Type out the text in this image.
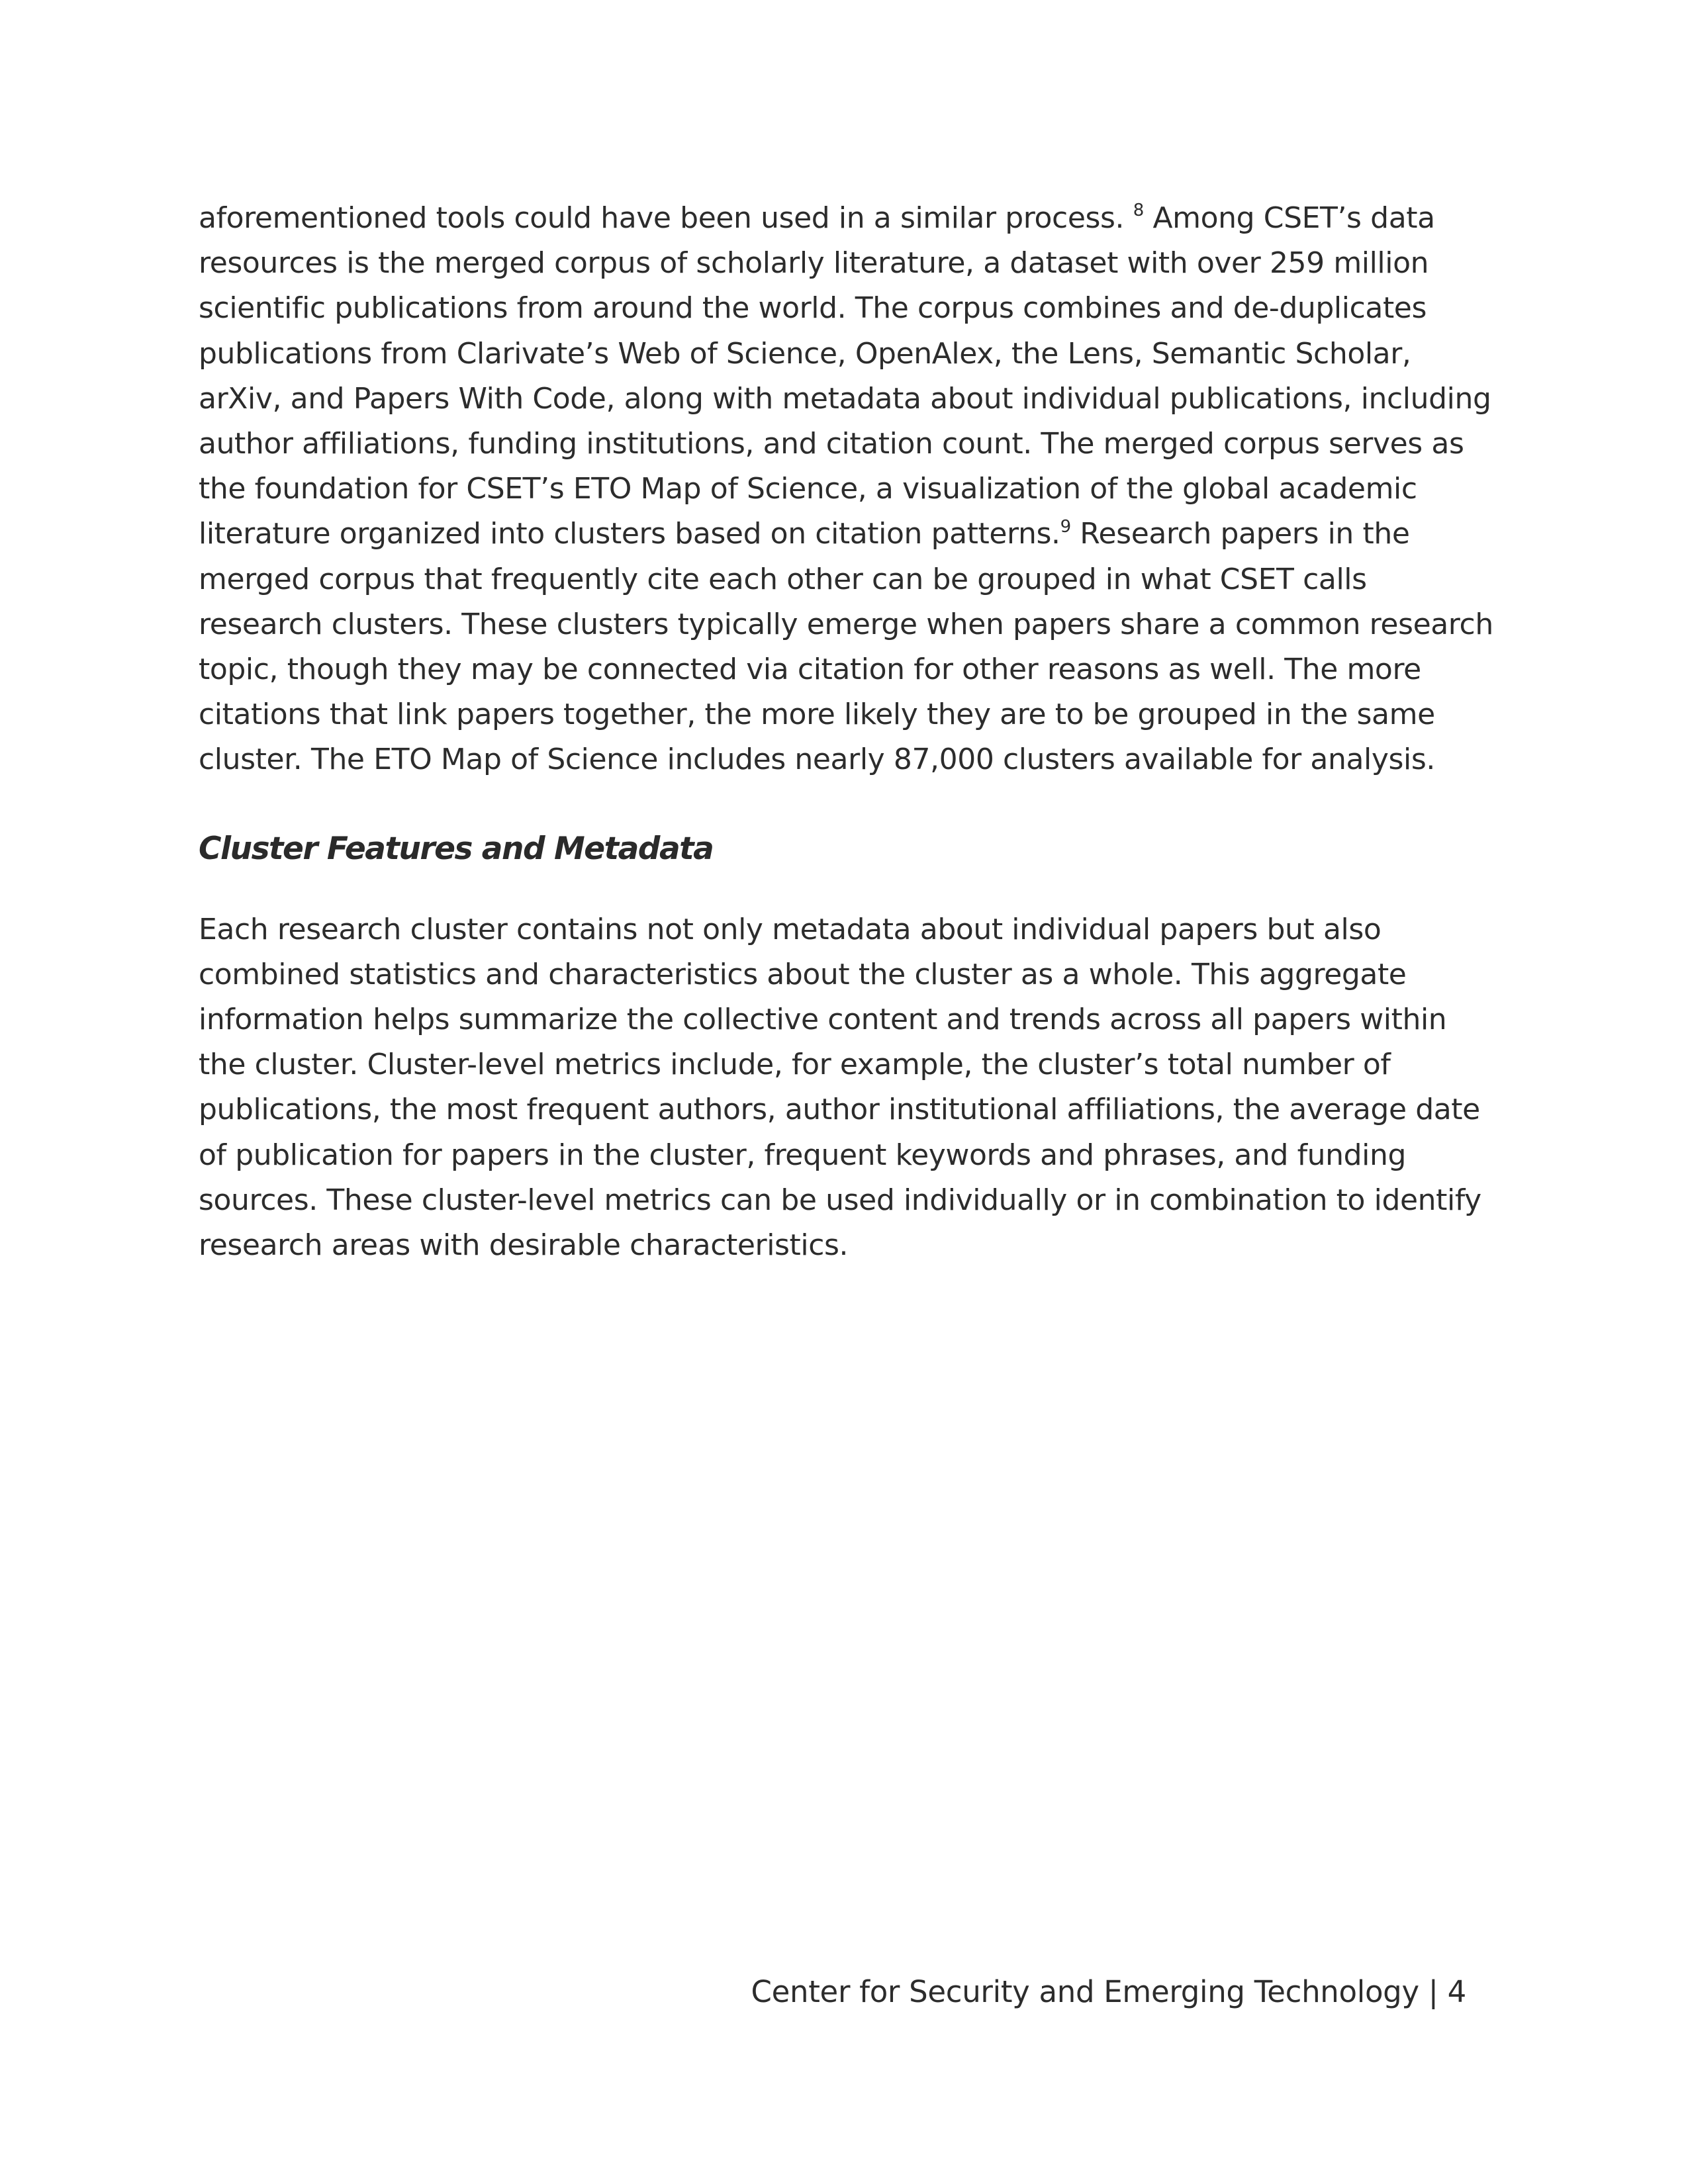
aforementioned tools could have been used in a similar process. $^8$ Among CSET’s data resources is the merged corpus of scholarly literature, a dataset with over 259 million scientific publications from around the world. The corpus combines and de-duplicates publications from Clarivate’s Web of Science, OpenAlex, the Lens, Semantic Scholar, arXiv, and Papers With Code, along with metadata about individual publications, including author affiliations, funding institutions, and citation count. The merged corpus serves as the foundation for CSET’s ETO Map of Science, a visualization of the global academic literature organized into clusters based on citation patterns.$^9$ Research papers in the merged corpus that frequently cite each other can be grouped in what CSET calls research clusters. These clusters typically emerge when papers share a common research topic, though they may be connected via citation for other reasons as well. The more citations that link papers together, the more likely they are to be grouped in the same cluster. The ETO Map of Science includes nearly 87,000 clusters available for analysis.

Cluster Features and Metadata

Each research cluster contains not only metadata about individual papers but also combined statistics and characteristics about the cluster as a whole. This aggregate information helps summarize the collective content and trends across all papers within the cluster. Cluster-level metrics include, for example, the cluster’s total number of publications, the most frequent authors, author institutional affiliations, the average date of publication for papers in the cluster, frequent keywords and phrases, and funding sources. These cluster-level metrics can be used individually or in combination to identify research areas with desirable characteristics.

Center for Security and Emerging Technology | 4
